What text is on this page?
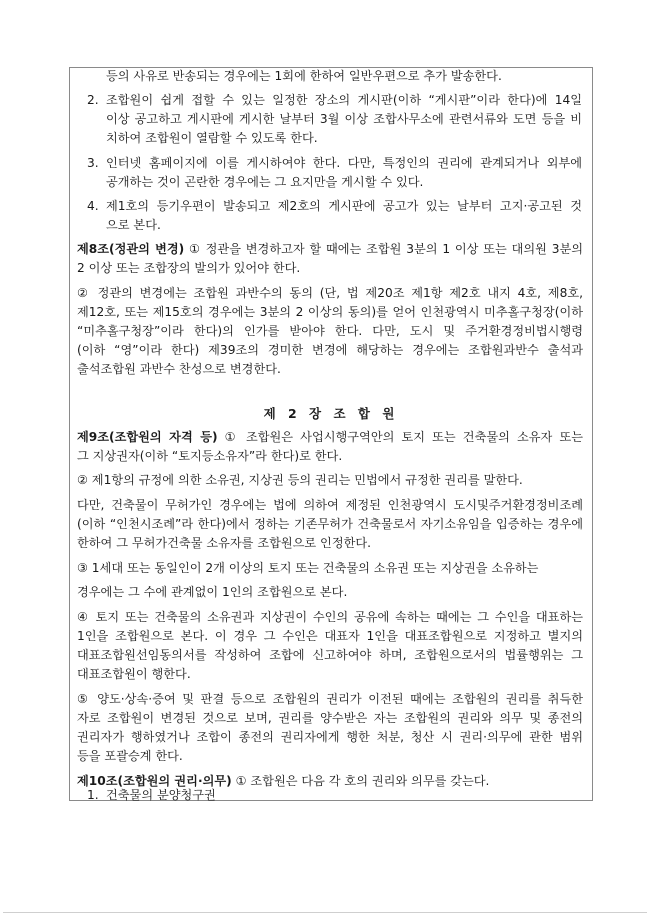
등의 사유로 반송되는 경우에는 1회에 한하여 일반우편으로 추가 발송한다.
2. 조합원이 쉽게 접할 수 있는 일정한 장소의 게시판(이하 “게시판”이라 한다)에 14일
이상 공고하고 게시판에 게시한 날부터 3월 이상 조합사무소에 관련서류와 도면 등을 비
치하여 조합원이 열람할 수 있도록 한다.
3. 인터넷 홈페이지에 이를 게시하여야 한다. 다만, 특정인의 권리에 관계되거나 외부에
공개하는 것이 곤란한 경우에는 그 요지만을 게시할 수 있다.
4. 제1호의 등기우편이 발송되고 제2호의 게시판에 공고가 있는 날부터 고지·공고된 것
으로 본다.
제8조(정관의 변경) ① 정관을 변경하고자 할 때에는 조합원 3분의 1 이상 또는 대의원 3분의
2 이상 또는 조합장의 발의가 있어야 한다.
② 정관의 변경에는 조합원 과반수의 동의 (단, 법 제20조 제1항 제2호 내지 4호, 제8호,
제12호, 또는 제15호의 경우에는 3분의 2 이상의 동의)를 얻어 인천광역시 미추홀구청장(이하
“미추홀구청장”이라 한다)의 인가를 받아야 한다. 다만, 도시 및 주거환경정비법시행령
(이하 “영”이라 한다) 제39조의 경미한 변경에 해당하는 경우에는 조합원과반수 출석과
출석조합원 과반수 찬성으로 변경한다.
제 2 장 조 합 원
제9조(조합원의 자격 등) ① 조합원은 사업시행구역안의 토지 또는 건축물의 소유자 또는
그 지상권자(이하 “토지등소유자”라 한다)로 한다.
② 제1항의 규정에 의한 소유권, 지상권 등의 권리는 민법에서 규정한 권리를 말한다.
다만, 건축물이 무허가인 경우에는 법에 의하여 제정된 인천광역시 도시및주거환경정비조례
(이하 “인천시조례”라 한다)에서 정하는 기존무허가 건축물로서 자기소유임을 입증하는 경우에
한하여 그 무허가건축물 소유자를 조합원으로 인정한다.
③ 1세대 또는 동일인이 2개 이상의 토지 또는 건축물의 소유권 또는 지상권을 소유하는
경우에는 그 수에 관계없이 1인의 조합원으로 본다.
④ 토지 또는 건축물의 소유권과 지상권이 수인의 공유에 속하는 때에는 그 수인을 대표하는
1인을 조합원으로 본다. 이 경우 그 수인은 대표자 1인을 대표조합원으로 지정하고 별지의
대표조합원선임동의서를 작성하여 조합에 신고하여야 하며, 조합원으로서의 법률행위는 그
대표조합원이 행한다.
⑤ 양도·상속·증여 및 판결 등으로 조합원의 권리가 이전된 때에는 조합원의 권리를 취득한
자로 조합원이 변경된 것으로 보며, 권리를 양수받은 자는 조합원의 권리와 의무 및 종전의
권리자가 행하였거나 조합이 종전의 권리자에게 행한 처분, 청산 시 권리·의무에 관한 범위
등을 포괄승계 한다.
제10조(조합원의 권리·의무) ① 조합원은 다음 각 호의 권리와 의무를 갖는다.
1. 건축물의 분양청구권
